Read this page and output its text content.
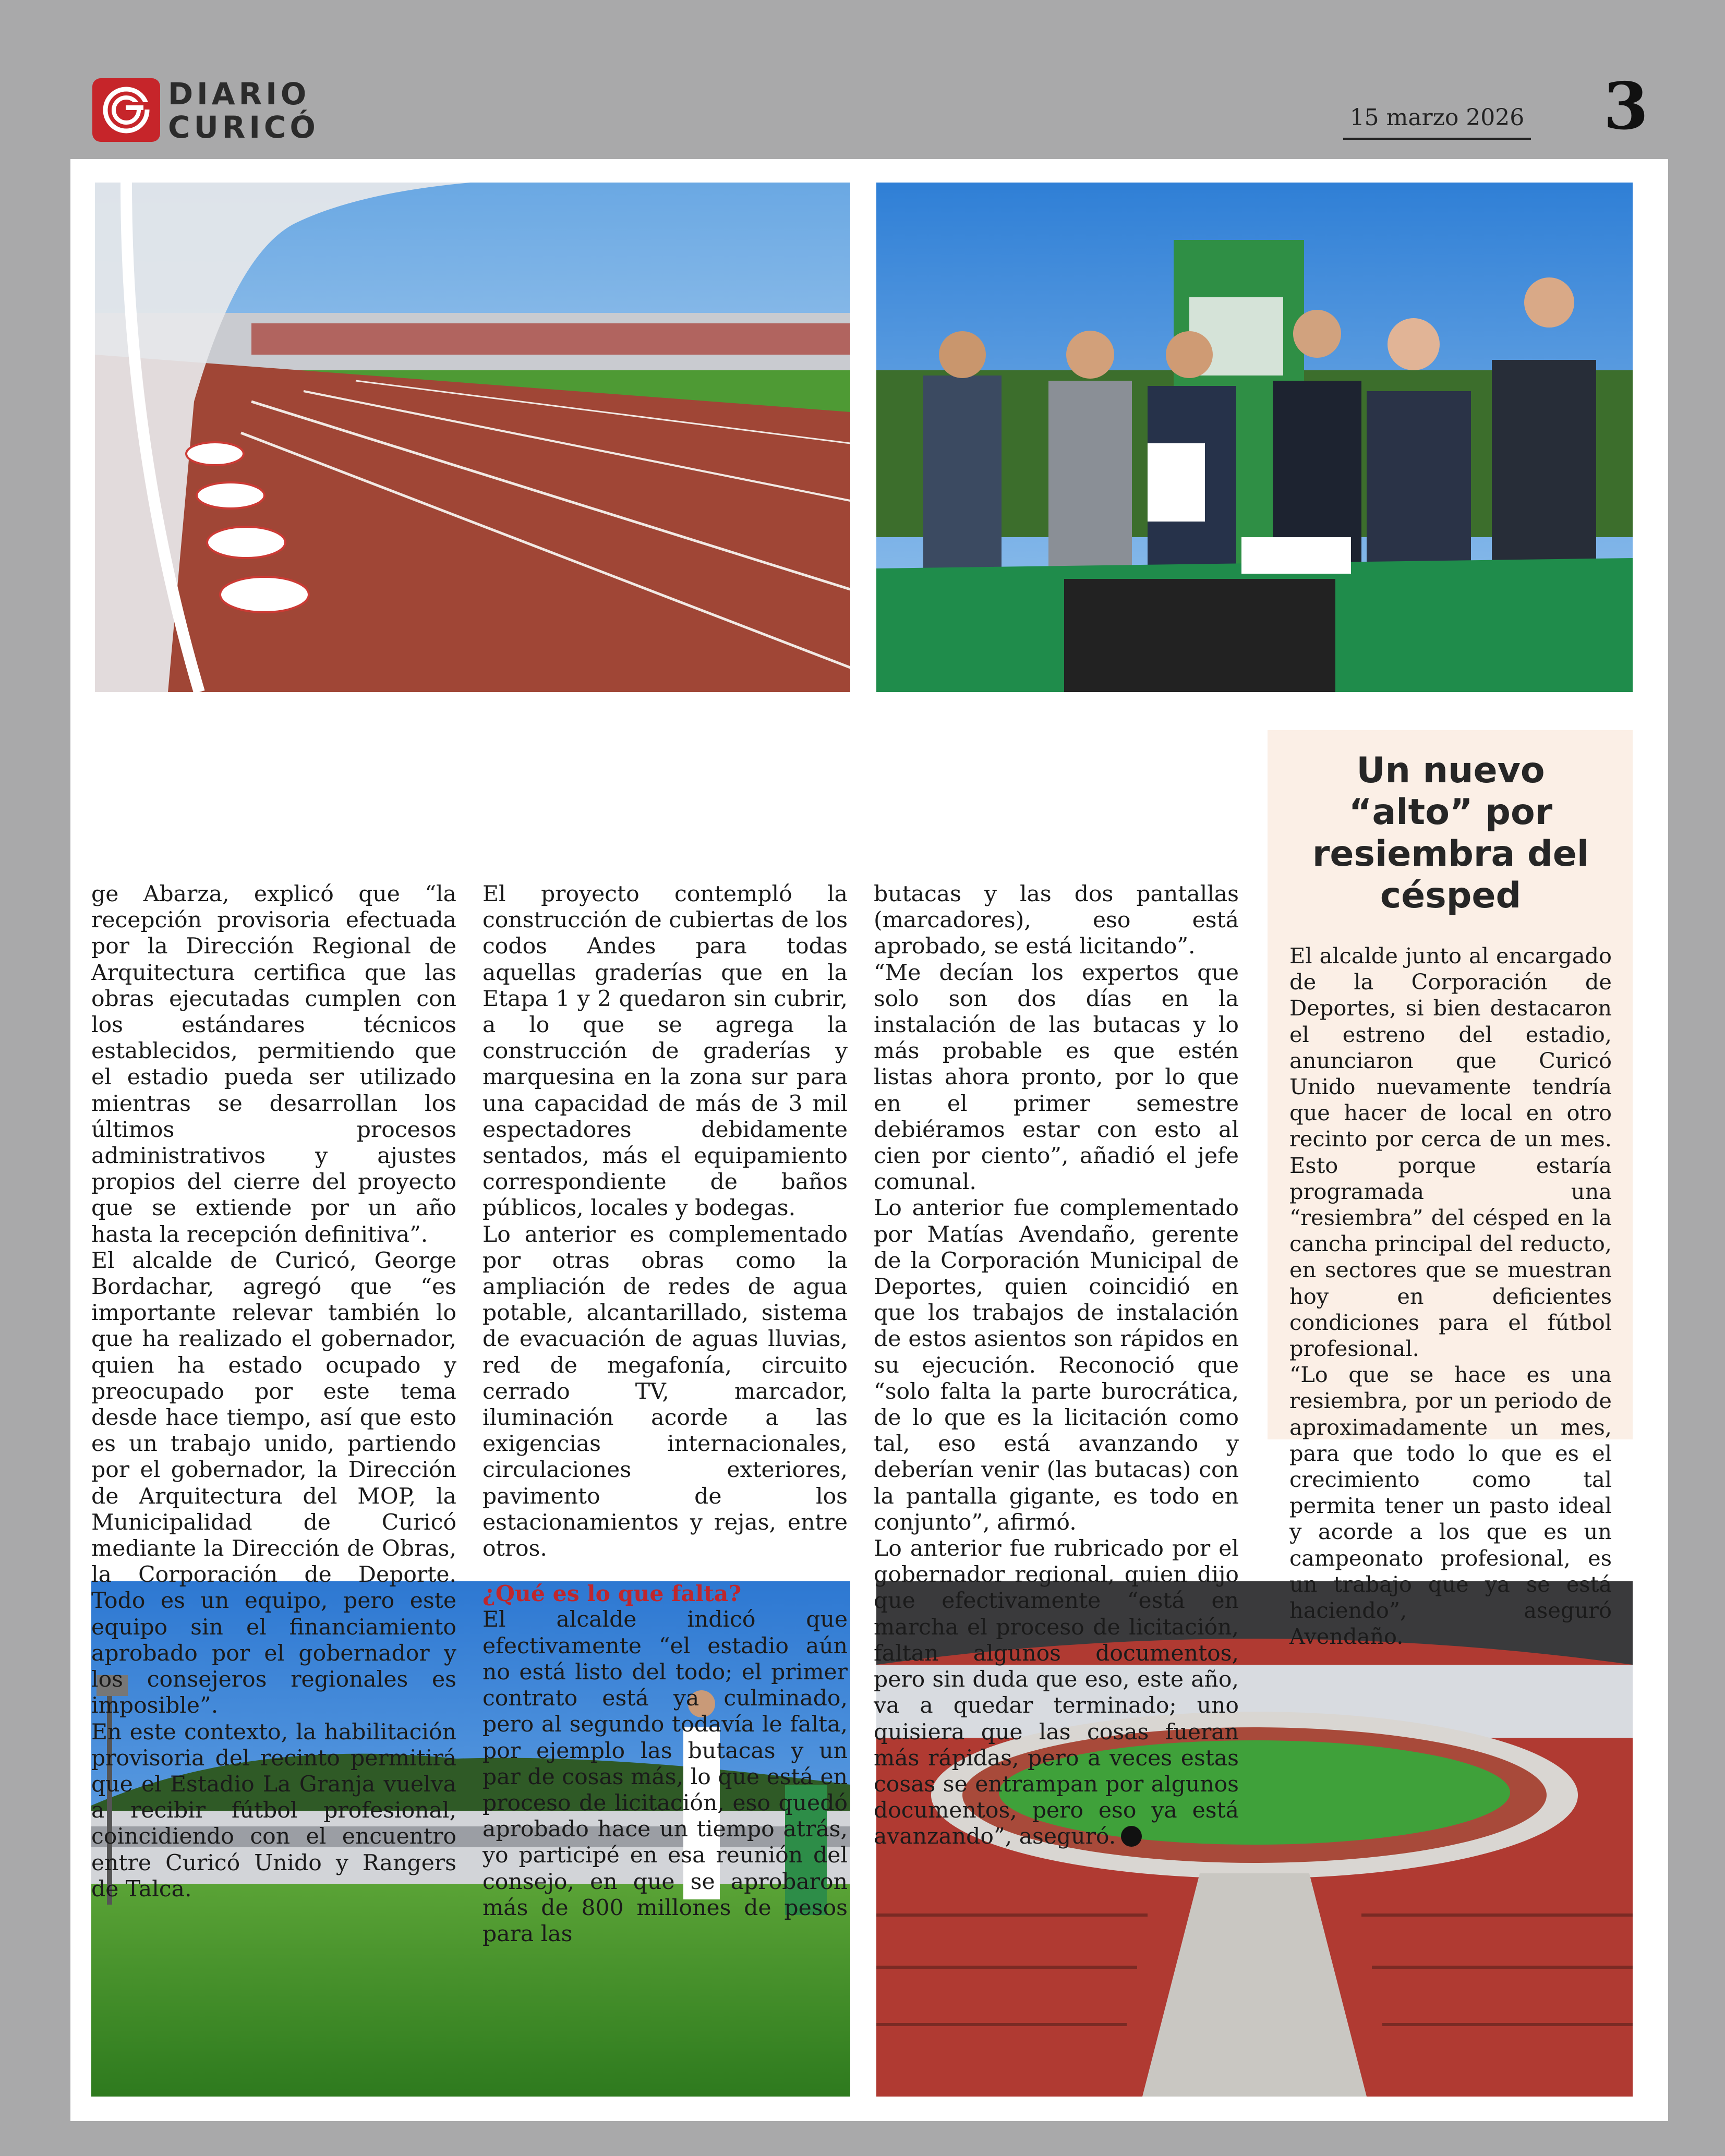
DIARIO
CURICÓ	15 marzo 2026 3

ge Abarza, explicó que “la recepción provisoria efectuada por la Dirección Regional de Arquitectura certifica que las obras ejecutadas cumplen con los estándares técnicos establecidos, permitiendo que el estadio pueda ser utilizado mientras se desarrollan los últimos procesos administrativos y ajustes propios del cierre del proyecto que se extiende por un año hasta la recepción definitiva”.

El alcalde de Curicó, George Bordachar, agregó que “es importante relevar también lo que ha realizado el gobernador, quien ha estado ocupado y preocupado por este tema desde hace tiempo, así que esto es un trabajo unido, partiendo por el gobernador, la Dirección de Arquitectura del MOP, la Municipalidad de Curicó mediante la Dirección de Obras, la Corporación de Deporte. Todo es un equipo, pero este equipo sin el financiamiento aprobado por el gobernador y los consejeros regionales es imposible”.

En este contexto, la habilitación provisoria del recinto permitirá que el Estadio La Granja vuelva a recibir fútbol profesional, coincidiendo con el encuentro entre Curicó Unido y Rangers de Talca.

El proyecto contempló la construcción de cubiertas de los codos Andes para todas aquellas graderías que en la Etapa 1 y 2 quedaron sin cubrir, a lo que se agrega la construcción de graderías y marquesina en la zona sur para una capacidad de más de 3 mil espectadores debidamente sentados, más el equipamiento correspondiente de baños públicos, locales y bodegas.

Lo anterior es complementado por otras obras como la ampliación de redes de agua potable, alcantarillado, sistema de evacuación de aguas lluvias, red de megafonía, circuito cerrado TV, marcador, iluminación acorde a las exigencias internacionales, circulaciones exteriores, pavimento de los estacionamientos y rejas, entre otros.

¿Qué es lo que falta?

El alcalde indicó que efectivamente “el estadio aún no está listo del todo; el primer contrato está ya culminado, pero al segundo todavía le falta, por ejemplo las butacas y un par de cosas más, lo que está en proceso de licitación, eso quedó aprobado hace un tiempo atrás, yo participé en esa reunión del consejo, en que se aprobaron más de 800 millones de pesos para las

butacas y las dos pantallas (marcadores), eso está aprobado, se está licitando”.

“Me decían los expertos que solo son dos días en la instalación de las butacas y lo más probable es que estén listas ahora pronto, por lo que en el primer semestre debiéramos estar con esto al cien por ciento”, añadió el jefe comunal.

Lo anterior fue complementado por Matías Avendaño, gerente de la Corporación Municipal de Deportes, quien coincidió en que los trabajos de instalación de estos asientos son rápidos en su ejecución. Reconoció que “solo falta la parte burocrática, de lo que es la licitación como tal, eso está avanzando y deberían venir (las butacas) con la pantalla gigante, es todo en conjunto”, afirmó.

Lo anterior fue rubricado por el gobernador regional, quien dijo que efectivamente “está en marcha el proceso de licitación, faltan algunos documentos, pero sin duda que eso, este año, va a quedar terminado; uno quisiera que las cosas fueran más rápidas, pero a veces estas cosas se entrampan por algunos documentos, pero eso ya está avanzando”, aseguró.

Un nuevo “alto” por resiembra del césped

El alcalde junto al encargado de la Corporación de Deportes, si bien destacaron el estreno del estadio, anunciaron que Curicó Unido nuevamente tendría que hacer de local en otro recinto por cerca de un mes. Esto porque estaría programada una “resiembra” del césped en la cancha principal del reducto, en sectores que se muestran hoy en deficientes condiciones para el fútbol profesional.

“Lo que se hace es una resiembra, por un periodo de aproximadamente un mes, para que todo lo que es el crecimiento como tal permita tener un pasto ideal y acorde a los que es un campeonato profesional, es un trabajo que ya se está haciendo”, aseguró Avendaño.
